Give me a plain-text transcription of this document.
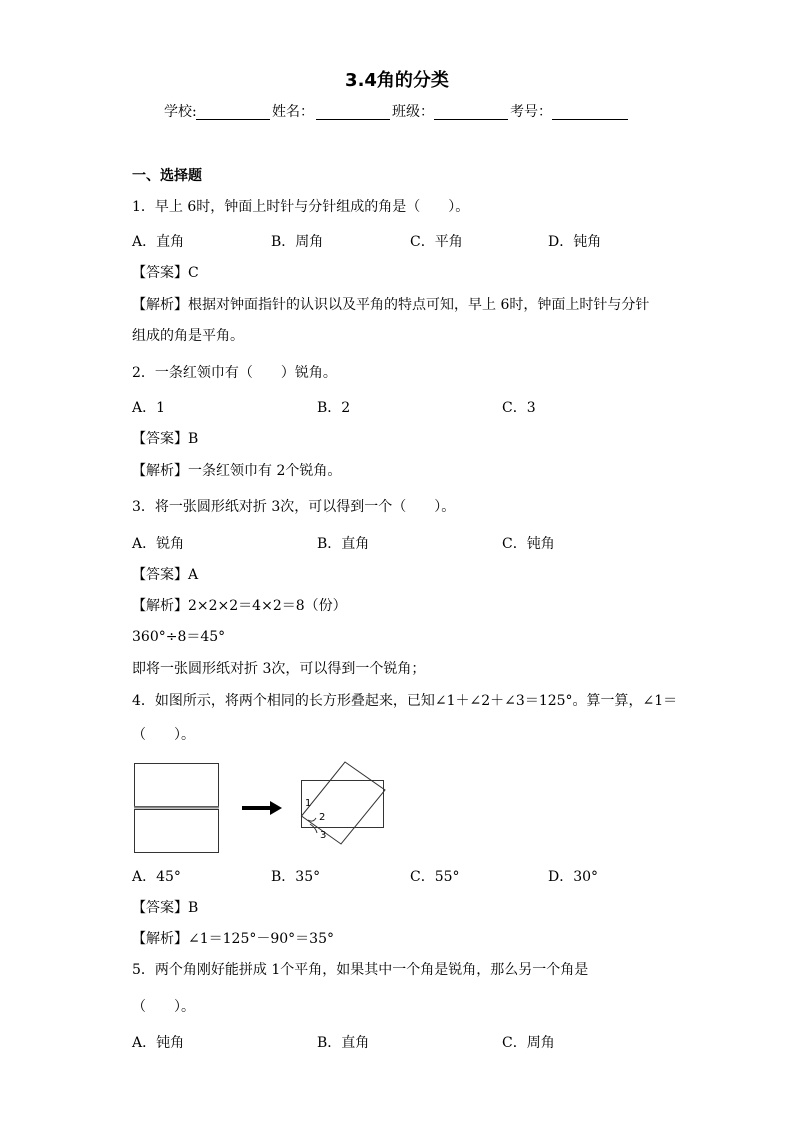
3.4角的分类
学校:	姓名：	班级：	考号：
一、选择题
1．早上 6时，钟面上时针与分针组成的角是（　　）。
A．直角	B．周角	C．平角	D．钝角
【答案】C
【解析】根据对钟面指针的认识以及平角的特点可知，早上 6时，钟面上时针与分针
组成的角是平角。
2．一条红领巾有（　　）锐角。
A．1	B．2	C．3
【答案】B
【解析】一条红领巾有 2个锐角。
3．将一张圆形纸对折 3次，可以得到一个（　　）。
A．锐角	B．直角	C．钝角
【答案】A
【解析】2×2×2＝4×2＝8（份）
360°÷8＝45°
即将一张圆形纸对折 3次，可以得到一个锐角；
4．如图所示，将两个相同的长方形叠起来，已知∠1＋∠2＋∠3＝125°。算一算，∠1＝
（　　）。
1
2
3
A．45°	B．35°	C．55°	D．30°
【答案】B
【解析】∠1＝125°－90°＝35°
5．两个角刚好能拼成 1个平角，如果其中一个角是锐角，那么另一个角是
（　　）。
A．钝角	B．直角	C．周角
